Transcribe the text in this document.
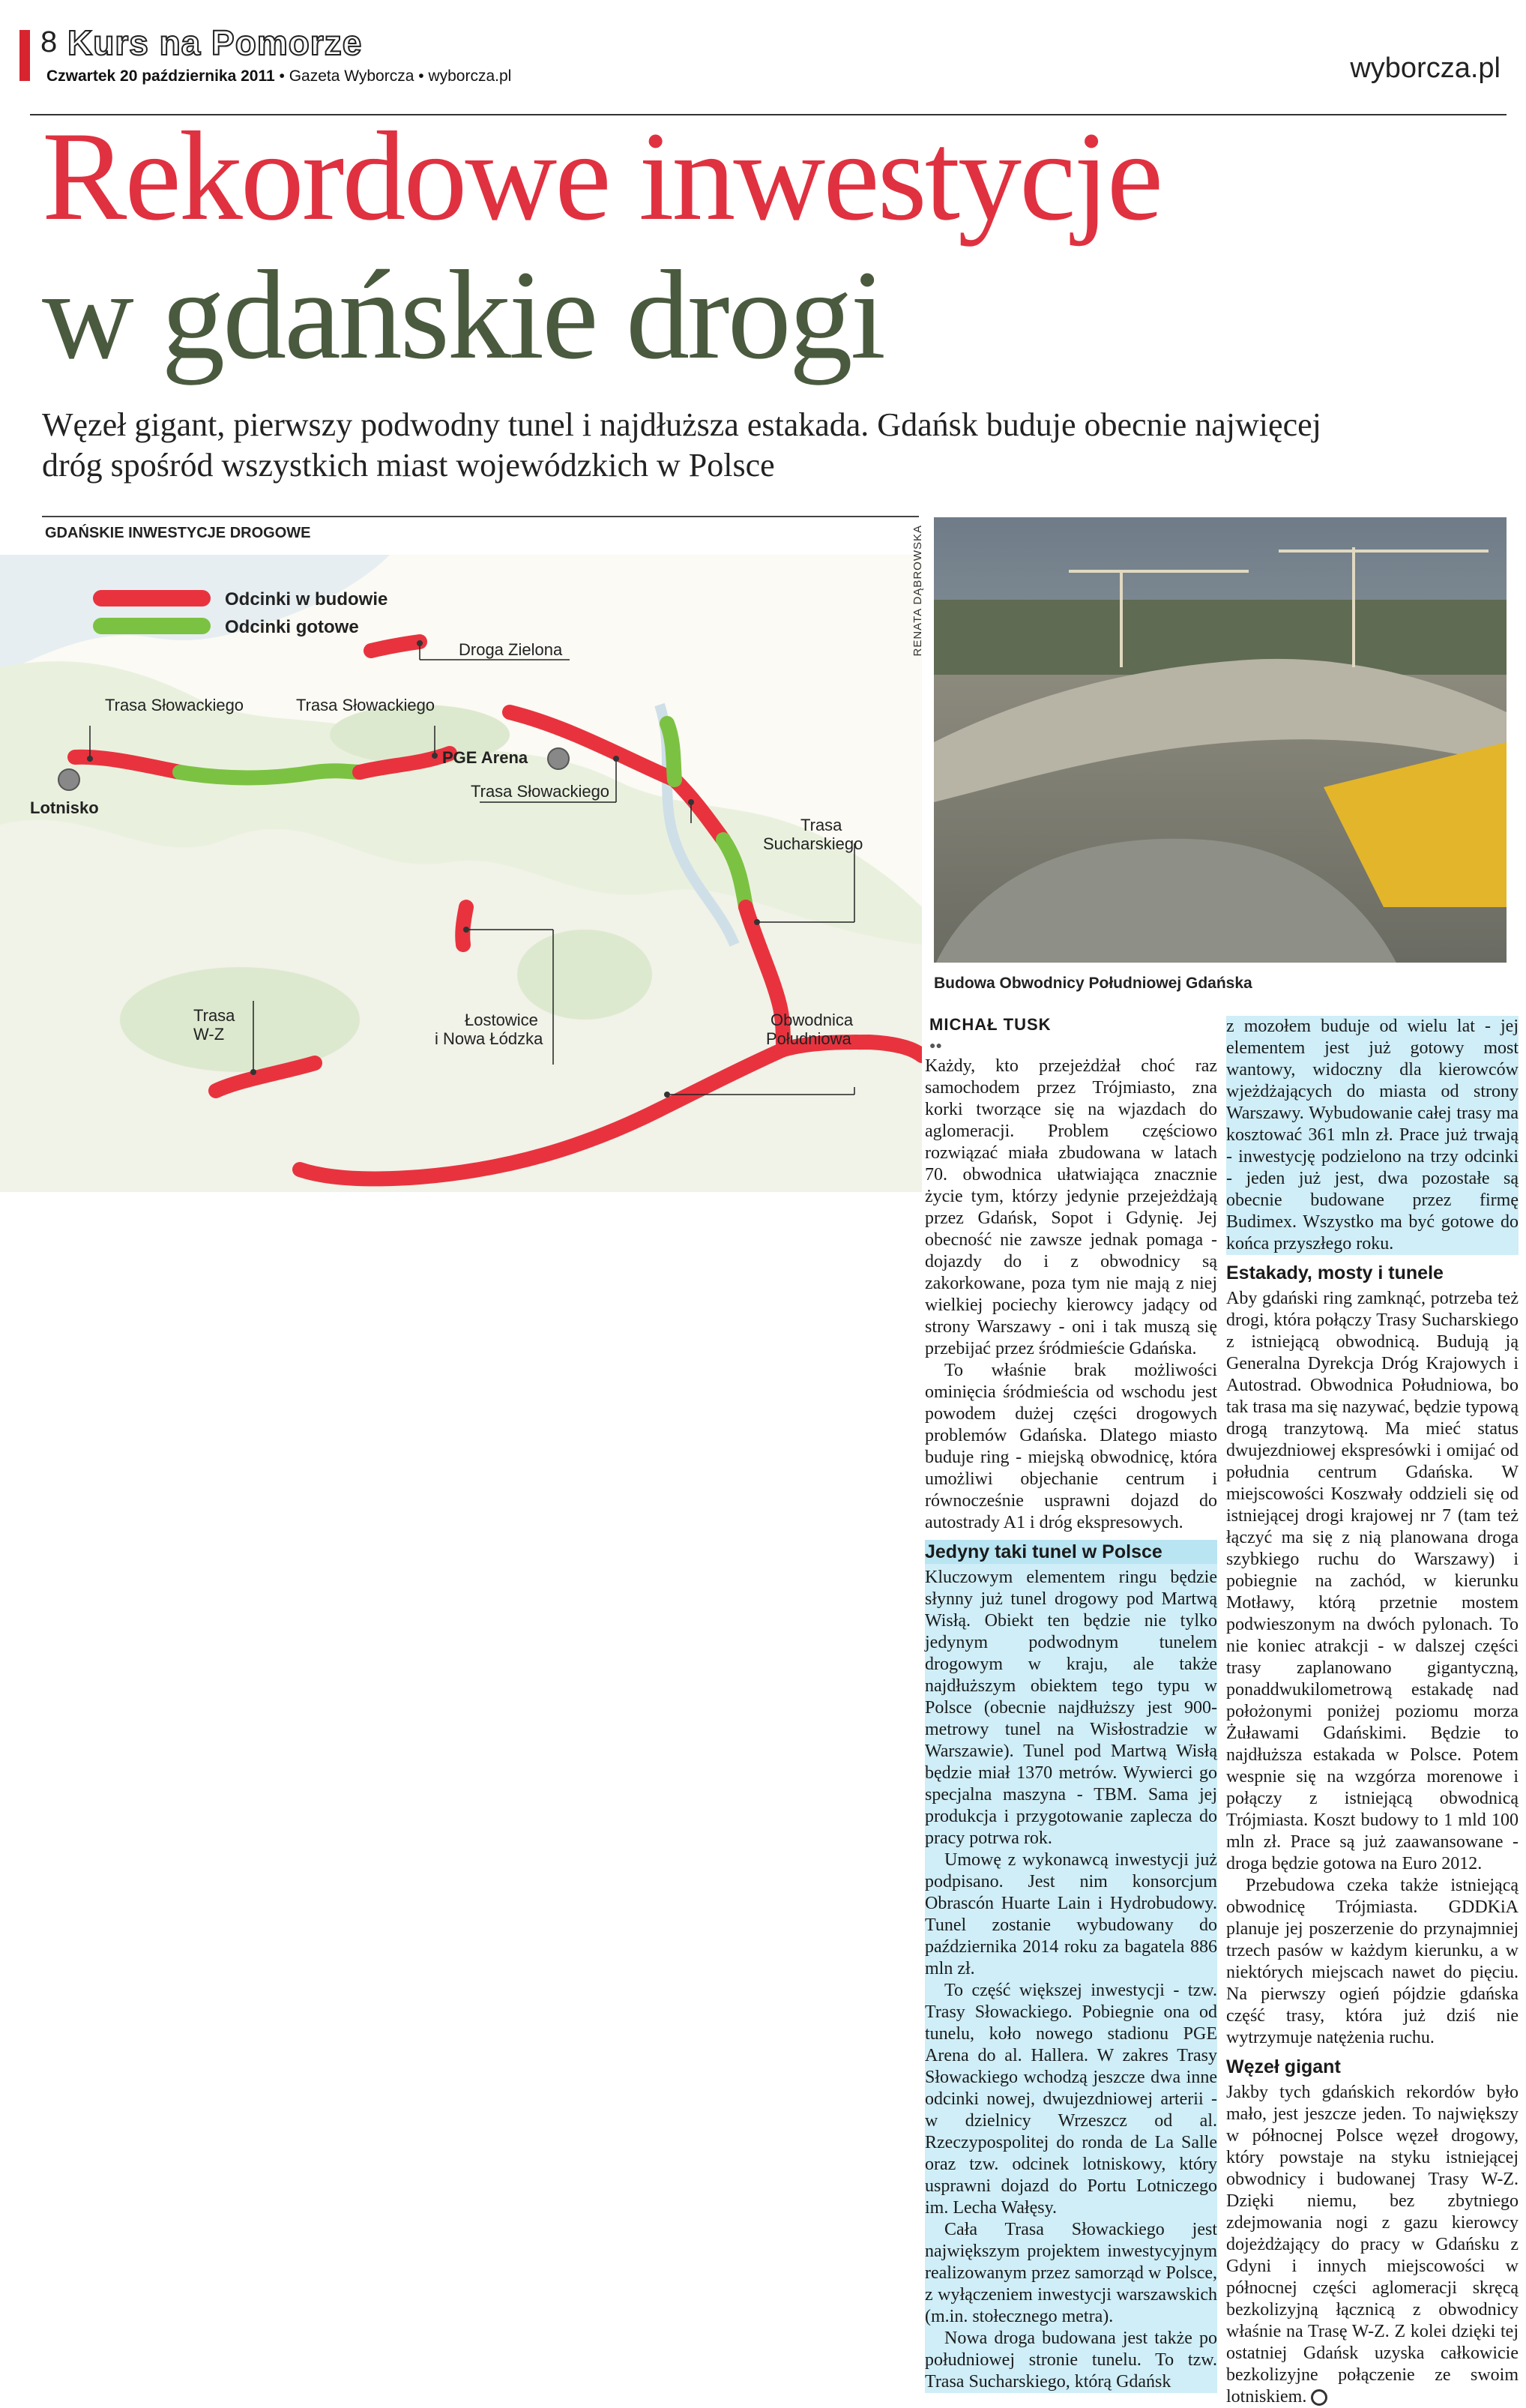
8 Kurs na Pomorze
Czwartek 20 października 2011 • Gazeta Wyborcza • wyborcza.pl	wyborcza.pl
Rekordowe inwestycje
w gdańskie drogi
Węzeł gigant, pierwszy podwodny tunel i najdłuższa estakada. Gdańsk buduje obecnie najwięcej dróg spośród wszystkich miast wojewódzkich w Polsce
GDAŃSKIE INWESTYCJE DROGOWE
Odcinki w budowie
Odcinki gotowe
Droga Zielona
Trasa Słowackiego	Trasa Słowackiego
PGE Arena
Trasa Słowackiego
Lotnisko
Trasa
Sucharskiego
Łostowice
i Nowa Łódzka
Trasa
W-Z
Obwodnica
Południowa
RENATA DĄBROWSKA
Budowa Obwodnicy Południowej Gdańska
MICHAŁ TUSK
●●

Każdy, kto przejeżdżał choć raz samochodem przez Trójmiasto, zna korki tworzące się na wjazdach do aglomeracji. Problem częściowo rozwiązać miała zbudowana w latach 70. obwodnica ułatwiająca znacznie życie tym, którzy jedynie przejeżdżają przez Gdańsk, Sopot i Gdynię. Jej obecność nie zawsze jednak pomaga - dojazdy do i z obwodnicy są zakorkowane, poza tym nie mają z niej wielkiej pociechy kierowcy jadący od strony Warszawy - oni i tak muszą się przebijać przez śródmieście Gdańska.

To właśnie brak możliwości ominięcia śródmieścia od wschodu jest powodem dużej części drogowych problemów Gdańska. Dlatego miasto buduje ring - miejską obwodnicę, która umożliwi objechanie centrum i równocześnie usprawni dojazd do autostrady A1 i dróg ekspresowych.

Jedyny taki tunel w Polsce

Kluczowym elementem ringu będzie słynny już tunel drogowy pod Martwą Wisłą. Obiekt ten będzie nie tylko jedynym podwodnym tunelem drogowym w kraju, ale także najdłuższym obiektem tego typu w Polsce (obecnie najdłuższy jest 900-metrowy tunel na Wisłostradzie w Warszawie). Tunel pod Martwą Wisłą będzie miał 1370 metrów. Wywierci go specjalna maszyna - TBM. Sama jej produkcja i przygotowanie zaplecza do pracy potrwa rok.

Umowę z wykonawcą inwestycji już podpisano. Jest nim konsorcjum Obrascón Huarte Lain i Hydrobudowy. Tunel zostanie wybudowany do października 2014 roku za bagatela 886 mln zł.

To część większej inwestycji - tzw. Trasy Słowackiego. Pobiegnie ona od tunelu, koło nowego stadionu PGE Arena do al. Hallera. W zakres Trasy Słowackiego wchodzą jeszcze dwa inne odcinki nowej, dwujezdniowej arterii - w dzielnicy Wrzeszcz od al. Rzeczypospolitej do ronda de La Salle oraz tzw. odcinek lotniskowy, który usprawni dojazd do Portu Lotniczego im. Lecha Wałęsy.

Cała Trasa Słowackiego jest największym projektem inwestycyjnym realizowanym przez samorząd w Polsce, z wyłączeniem inwestycji warszawskich (m.in. stołecznego metra).

Nowa droga budowana jest także po południowej stronie tunelu. To tzw. Trasa Sucharskiego, którą Gdańsk

z mozołem buduje od wielu lat - jej elementem jest już gotowy most wantowy, widoczny dla kierowców wjeżdżających do miasta od strony Warszawy. Wybudowanie całej trasy ma kosztować 361 mln zł. Prace już trwają - inwestycję podzielono na trzy odcinki - jeden już jest, dwa pozostałe są obecnie budowane przez firmę Budimex. Wszystko ma być gotowe do końca przyszłego roku.

Estakady, mosty i tunele

Aby gdański ring zamknąć, potrzeba też drogi, która połączy Trasy Sucharskiego z istniejącą obwodnicą. Budują ją Generalna Dyrekcja Dróg Krajowych i Autostrad. Obwodnica Południowa, bo tak trasa ma się nazywać, będzie typową drogą tranzytową. Ma mieć status dwujezdniowej ekspresówki i omijać od południa centrum Gdańska. W miejscowości Koszwały oddzieli się od istniejącej drogi krajowej nr 7 (tam też łączyć ma się z nią planowana droga szybkiego ruchu do Warszawy) i pobiegnie na zachód, w kierunku Motławy, którą przetnie mostem podwieszonym na dwóch pylonach. To nie koniec atrakcji - w dalszej części trasy zaplanowano gigantyczną, ponaddwukilometrową estakadę nad położonymi poniżej poziomu morza Żuławami Gdańskimi. Będzie to najdłuższa estakada w Polsce. Potem wespnie się na wzgórza morenowe i połączy z istniejącą obwodnicą Trójmiasta. Koszt budowy to 1 mld 100 mln zł. Prace są już zaawansowane - droga będzie gotowa na Euro 2012.

Przebudowa czeka także istniejącą obwodnicę Trójmiasta. GDDKiA planuje jej poszerzenie do przynajmniej trzech pasów w każdym kierunku, a w niektórych miejscach nawet do pięciu. Na pierwszy ogień pójdzie gdańska część trasy, która już dziś nie wytrzymuje natężenia ruchu.

Węzeł gigant

Jakby tych gdańskich rekordów było mało, jest jeszcze jeden. To największy w północnej Polsce węzeł drogowy, który powstaje na styku istniejącej obwodnicy i budowanej Trasy W-Z. Dzięki niemu, bez zbytniego zdejmowania nogi z gazu kierowcy dojeżdżający do pracy w Gdańsku z Gdyni i innych miejscowości w północnej części aglomeracji skręcą bezkolizyjną łącznicą z obwodnicy właśnie na Trasę W-Z. Z kolei dzięki tej ostatniej Gdańsk uzyska całkowicie bezkolizyjne połączenie ze swoim lotniskiem.
